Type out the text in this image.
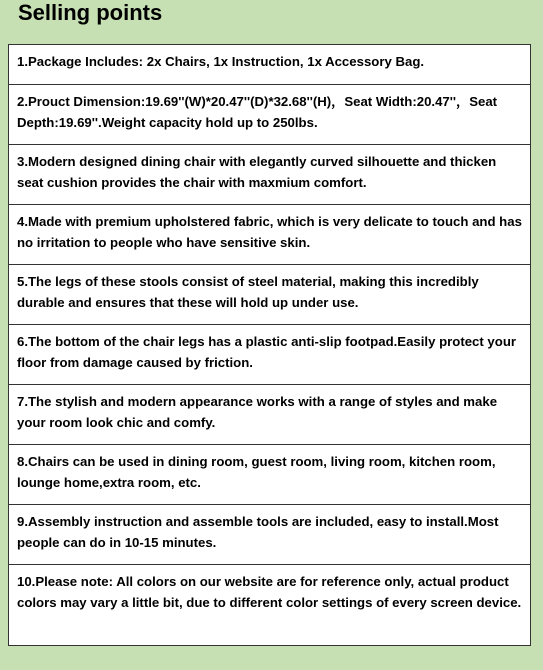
Selling points
1.Package Includes: 2x Chairs, 1x Instruction, 1x Accessory Bag.
2.Prouct Dimension:19.69''(W)*20.47''(D)*32.68''(H)，Seat Width:20.47''，Seat Depth:19.69''.Weight capacity hold up to 250lbs.
3.Modern designed dining chair with elegantly curved silhouette and thicken seat cushion provides the chair with maxmium comfort.
4.Made with premium upholstered fabric, which is very delicate to touch and has no irritation to people who have sensitive skin.
5.The legs of these stools consist of steel material, making this incredibly durable and ensures that these will hold up under use.
6.The bottom of the chair legs has a plastic anti-slip footpad.Easily protect your floor from damage caused by friction.
7.The stylish and modern appearance works with a range of styles and make your room look chic and comfy.
8.Chairs can be used in dining room, guest room, living room, kitchen room, lounge home,extra room, etc.
9.Assembly instruction and assemble tools are included, easy to install.Most people can do in 10-15 minutes.
10.Please note: All colors on our website are for reference only, actual product colors may vary a little bit, due to different color settings of every screen device.
